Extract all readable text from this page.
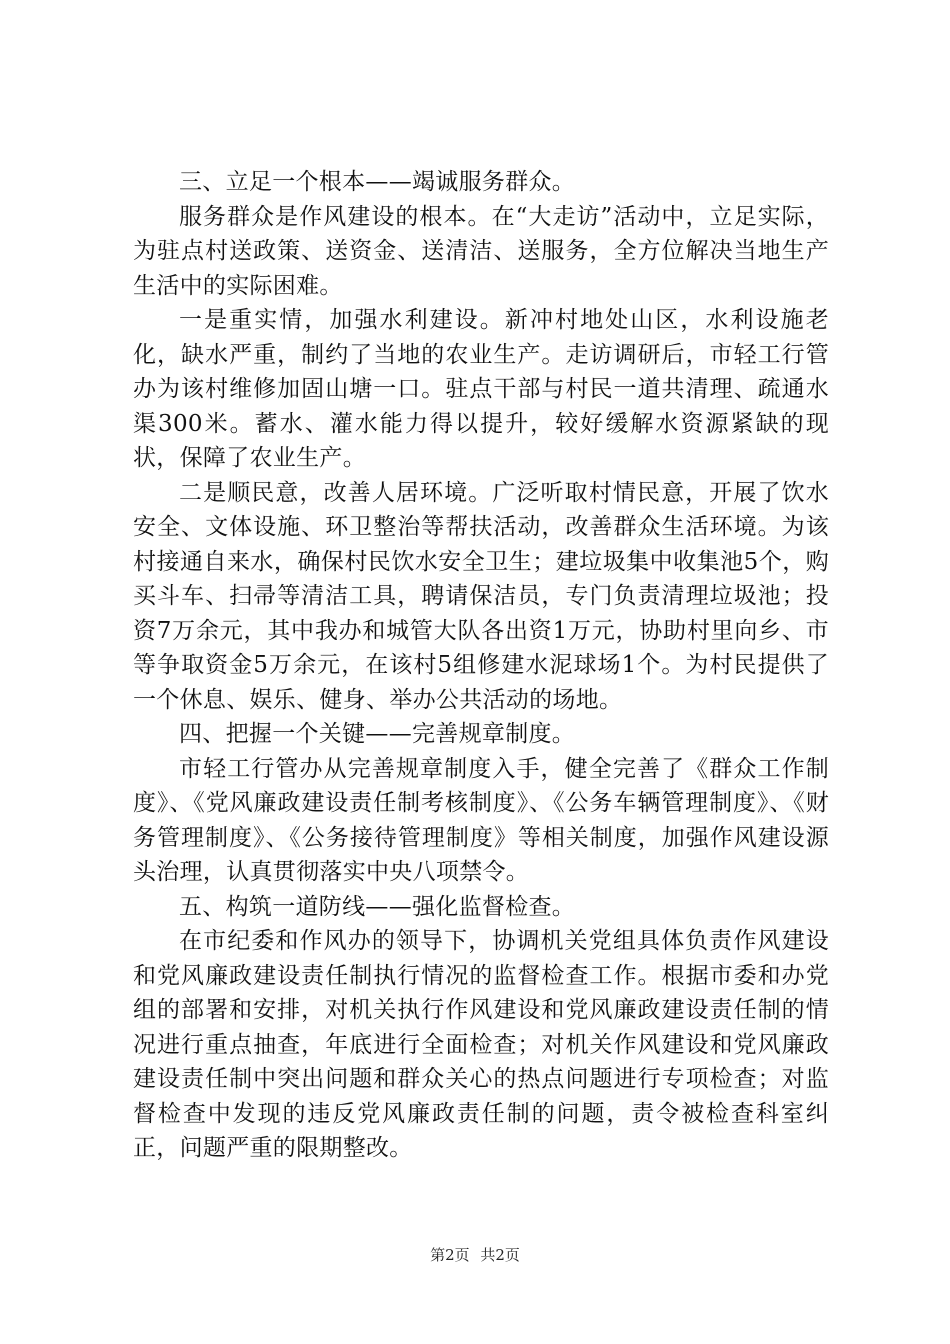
三、立足一个根本——竭诚服务群众。

服务群众是作风建设的根本。在“大走访”活动中，立足实际，为驻点村送政策、送资金、送清洁、送服务，全方位解决当地生产生活中的实际困难。

一是重实情，加强水利建设。新冲村地处山区，水利设施老化，缺水严重，制约了当地的农业生产。走访调研后，市轻工行管办为该村维修加固山塘一口。驻点干部与村民一道共清理、疏通水渠300米。蓄水、灌水能力得以提升，较好缓解水资源紧缺的现状，保障了农业生产。

二是顺民意，改善人居环境。广泛听取村情民意，开展了饮水安全、文体设施、环卫整治等帮扶活动，改善群众生活环境。为该村接通自来水，确保村民饮水安全卫生；建垃圾集中收集池5个，购买斗车、扫帚等清洁工具，聘请保洁员，专门负责清理垃圾池；投资7万余元，其中我办和城管大队各出资1万元，协助村里向乡、市等争取资金5万余元，在该村5组修建水泥球场1个。为村民提供了一个休息、娱乐、健身、举办公共活动的场地。

四、把握一个关键——完善规章制度。

市轻工行管办从完善规章制度入手，健全完善了《群众工作制度》、《党风廉政建设责任制考核制度》、《公务车辆管理制度》、《财务管理制度》、《公务接待管理制度》等相关制度，加强作风建设源头治理，认真贯彻落实中央八项禁令。

五、构筑一道防线——强化监督检查。

在市纪委和作风办的领导下，协调机关党组具体负责作风建设和党风廉政建设责任制执行情况的监督检查工作。根据市委和办党组的部署和安排，对机关执行作风建设和党风廉政建设责任制的情况进行重点抽查，年底进行全面检查；对机关作风建设和党风廉政建设责任制中突出问题和群众关心的热点问题进行专项检查；对监督检查中发现的违反党风廉政责任制的问题，责令被检查科室纠正，问题严重的限期整改。

第2页 共2页
